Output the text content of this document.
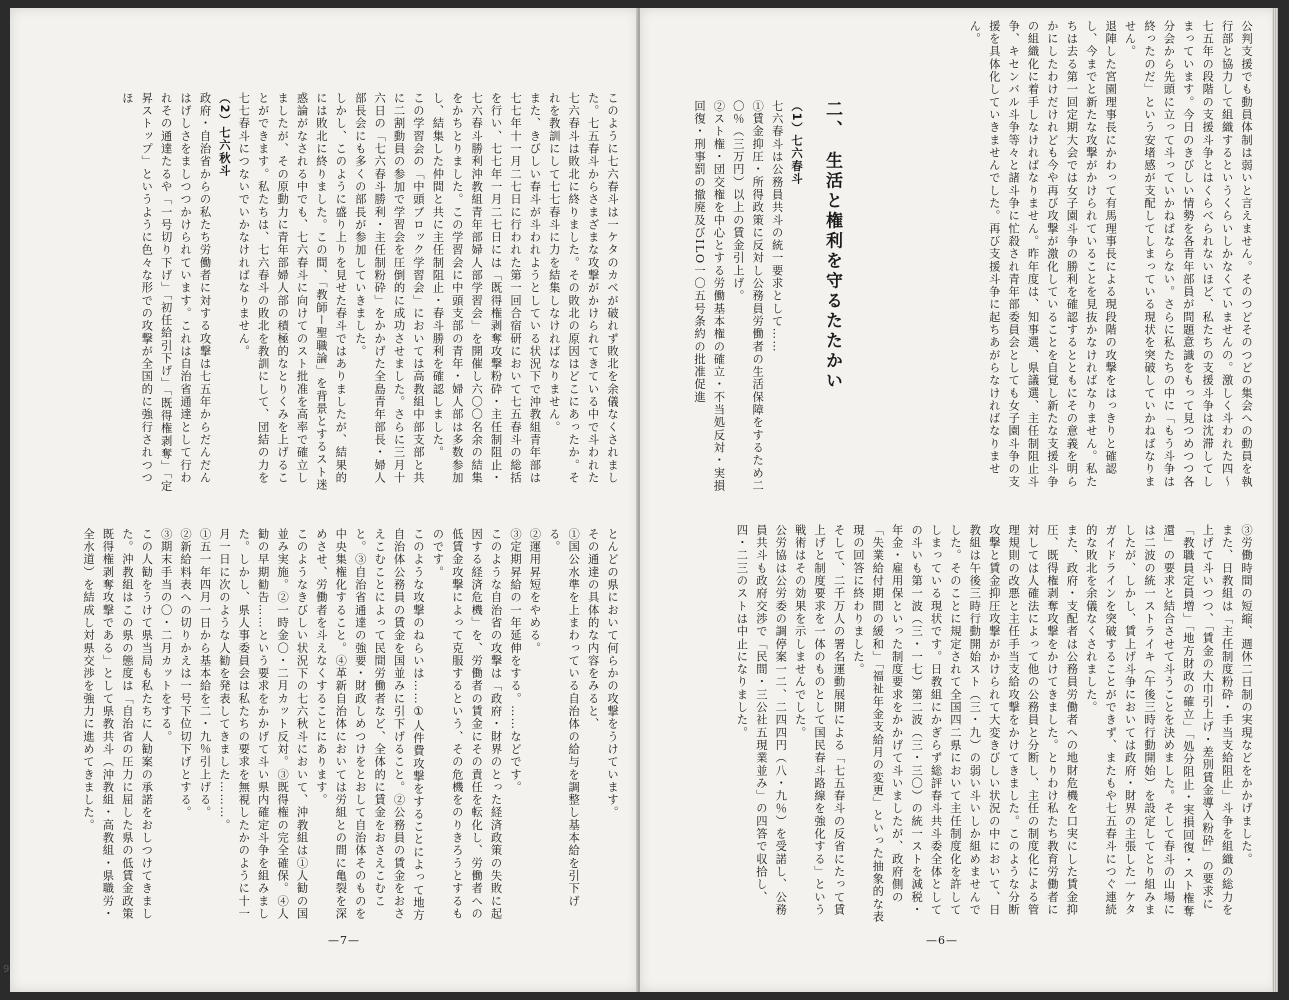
このように七六春斗は一ケタのカベが破れず敗北を余儀なくされました。七五春斗からさまざまな攻撃がかけられてきている中で斗われた七六春斗は敗北に終りました。その敗北の原因はどこにあったか。それを教訓にして七七春斗に力を結集しなければなりません。

また、きびしい春斗が斗われようとしている状況下で沖教組青年部は七七年十一月二七日に行われた第一回合宿研において七五春斗の総括を行い、七七年一月二七日には「既得権剥奪攻撃粉砕・主任制阻止・七六春斗勝利沖教組青年部婦人部学習会」を開催し六〇〇名余の結集をかちとりました。この学習会に中頭支部の青年・婦人部は多数参加し、結集した仲間と共に主任制阻止・春斗勝利を確認しました。

この学習会の「中頭ブロック学習会」においては高教組中部支部と共に二割動員の参加で学習会を圧倒的に成功させました。さらに三月十六日の「七六春斗勝利・主任制粉砕」をかかげた全島青年部長・婦人部長会にも多くの部長が参加していきました。

しかし、このように盛り上りを見せた春斗ではありましたが、結果的には敗北に終りました。この間、「教師ー聖職論」を背景とするスト迷惑論がなされる中でも、七六春斗に向けてのスト批准を高率で確立しましたが、その原動力に青年部婦人部の積極的なとりくみを上げることができます。私たちは、七六春斗の敗北を教訓にして、団結の力を七七春斗につないでいかなければなりません。

（2）七六秋斗

政府・自治省からの私たち労働者に対する攻撃は七五年からだんだんはげしさをましつつかけられています。これは自治省通達として行われその通達たるや「一号切り下げ」「初任給引下げ」「既得権剥奪」「定昇ストップ」というように色々な形での攻撃が全国的に強行されつつほ

とんどの県において何らかの攻撃をうけています。

その通達の具体的な内容をみると、

①国公水準を上まわっている自治体の給与を調整し基本給を引下げる。

②運用昇短をやめる。

③定期昇給の一年延伸をする。……などです。

このような自治省の攻撃は「政府・財界のとった経済政策の失敗に起因する経済危機」を、労働者の賃金にその責任を転化し、労働者への低賃金攻撃によって克服するという、その危機をのりきろうとするものです。

このような攻撃のねらいは……①人件費攻撃をすることによって地方自治体公務員の賃金を国並みに引下げること。②公務員の賃金をおさえこむことによって民間労働者など、全体的に賃金をおさえこむこと。③自治省通達の強要・財政しめつけをとおして自治体そのものを中央集権化すること。④革新自治体においては労組との間に亀裂を深めさせ、労働者を斗えなくすることにあります。

このようなきびしい状況下の七六秋斗において、沖教組は①人勧の国並み実施。②一時金〇・二月カット反対。③既得権の完全確保。④人勧の早期勧告……という要求をかかげて斗い県内確定斗争を組みました。しかし、県人事委員会は私たちの要求を無視したかのように十一月一日に次のような人勧を発表してきました………。

①五一年四月一日から基本給を二・九％引上げる。

②新給料表への切りかえは一号下位切下げとする。

③期末手当の〇・二月カットをする。

この人勧をうけて県当局も私たちに人勧案の承諾をおしつけてきました。沖教組はこの県の態度は「自治省の圧力に屈した県の低賃金政策既得権剥奪攻撃である」として県教共斗（沖教組・高教組・県職労・全水道）を結成し対県交渉を強力に進めてきました。

—7—

公判支援でも動員体制は弱いと言えません。そのつどそのつどの集会への動員を執行部と協力して組織するというくらいしかなくていませんの。激しく斗われた四〜七五年の段階の支援斗争とはくらべられないほど、私たちの支援斗争は沈滞してしまっています。今日のきびしい情勢を各青年部員が問題意識をもって見つめつつ各分会から先頭に立って斗っていかねばならない。さらに私たちの中に「もう斗争は終ったのだ」という安堵感が支配してしまっている現状を突破していかねばなりません。

退陣した宮園理事長にかわって有馬理事長による現段階の攻撃をはっきりと確認し、今までと新たな攻撃がかけられていることを見抜かなければなりません。私たちは去る第一回定期大会では女子園斗争の勝利を確認するとともにその意義を明らかにしたわけだけれども今や再び攻撃が激化していることを自覚し新たな支援斗争の組織化に着手しなければなりません。昨年度は、知事選、県議選、主任制阻止斗争、キセンバル斗争等々と諸斗争に忙殺され青年部委員会としても女子園斗争の支援を具体化していきませんでした。再び支援斗争に起ちあがらなければなりません。

二、　生活と権利を守るたたかい

（1）七六春斗

七六春斗は公務員共斗の統一要求として……

①賃金抑圧・所得政策に反対し公務員労働者の生活保障をするため二〇％（三万円）以上の賃金引上げ。

②スト権・団交権を中心とする労働基本権の確立・不当処反対・実損回復・刑事罰の撤廃及びILO一〇五号条約の批准促進

③労働時間の短縮、週休二日制の実現などをかかげました。

また、日教組は「主任制度粉砕・手当支給阻止」斗争を組織の総力を上げて斗いつつ、「賃金の大巾引上げ・差別賃金導入粉砕」の要求に「教職員定員増」「地方財政の確立」「処分阻止・実損回復・スト権奪還」の要求と結合させて斗うことを決めました。そして春斗の山場には二波の統一ストライキ（午後三時行動開始）を設定してとり組みましたが、しかし、賃上げ斗争においては政府・財界の主張した一ケタガイドラインを突破することができず、またもや七五春斗につぐ連続的な敗北を余儀なくされました。

また、政府・支配者は公務員労働者への地財危機を口実にした賃金抑圧、既得権剥奪攻撃をかけてきました。とりわけ私たち教育労働者に対しては人確法によって他の公務員と分断し、主任の制度化による管理規則の改悪と主任手当支給攻撃をかけてきました。このような分断攻撃と賃金抑圧攻撃がかけられて大変きびしい状況の中において、日教組は午後三時行動開始スト（三・九）の弱い斗いしか組めませんでした。そのことに規定されて全国四二県において主任制度化を許してしまっている現状です。日教組にかぎらず総評春斗共斗委全体としての斗いも第一波（三・一七）第二波（三・三〇）の統一ストを減税・年金・雇用保といった制度要求をかかげて斗いましたが、政府側の「失業給付期間の緩和」「福祉年金支給月の変更」といった抽象的な表現の回答に終わりました。

そして、二千万人の署名運動展開による「七五春斗の反省にたって賃上げと制度要求を一体のものとして国民春斗路線を強化する」という戦術はその効果を示しませんでした。

公労協は公労委の調停案一二、二四四円（八・九％）を受諾し、公務員共斗も政府交渉で「民間・三公社五現業並み」の四答で収拾し、四・二三のストは中止になりました。

—6—
9
